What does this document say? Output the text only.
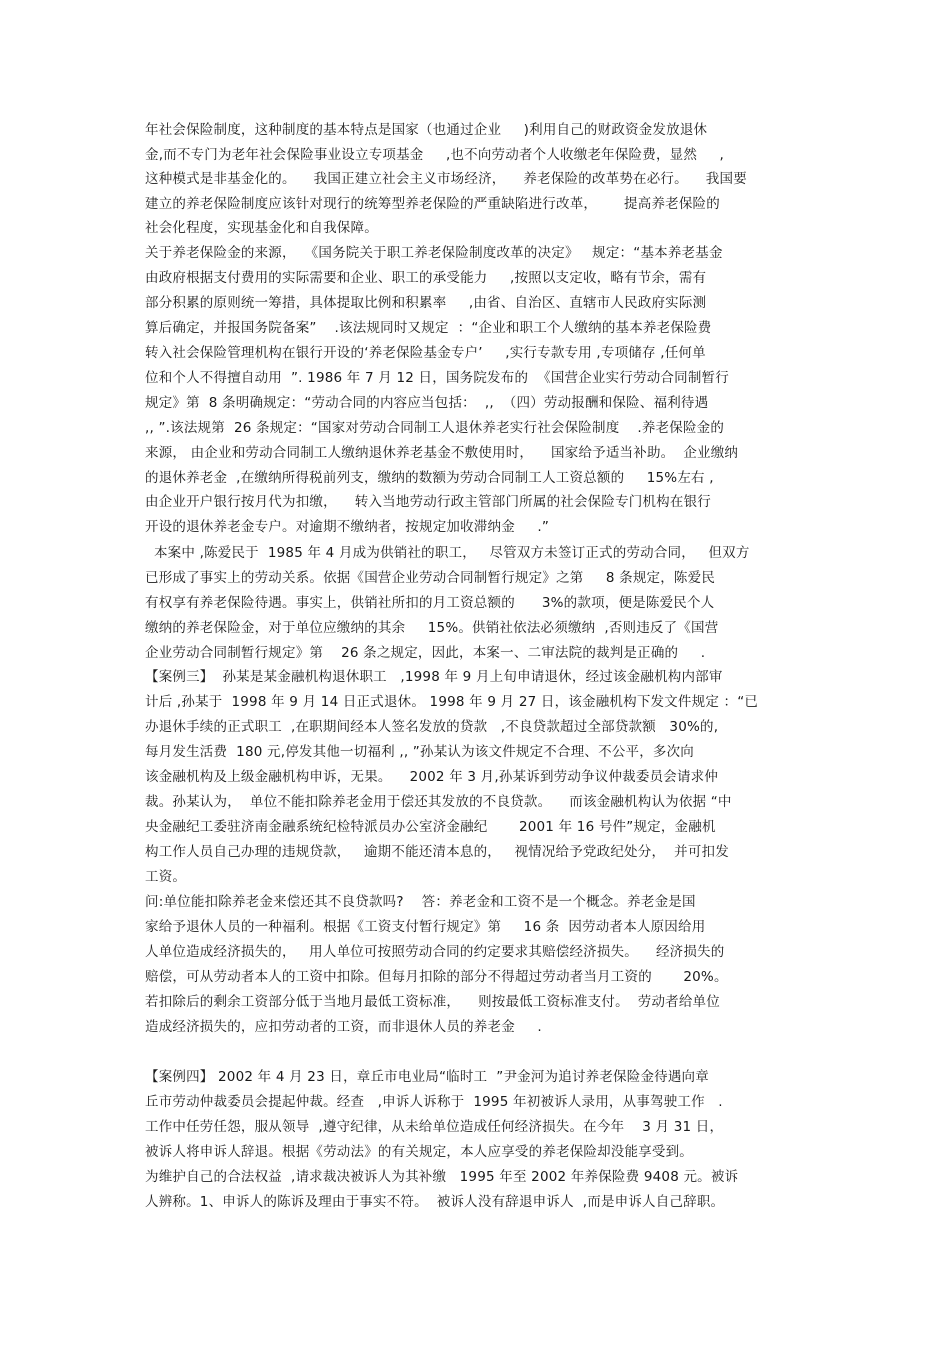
年社会保险制度，这种制度的基本特点是国家（也通过企业     )利用自己的财政资金发放退休
金,而不专门为老年社会保险事业设立专项基金     ,也不向劳动者个人收缴老年保险费，显然     ,
这种模式是非基金化的。    我国正建立社会主义市场经济，    养老保险的改革势在必行。    我国要
建立的养老保险制度应该针对现行的统筹型养老保险的严重缺陷进行改革，      提高养老保险的
社会化程度，实现基金化和自我保障。
关于养老保险金的来源，  《国务院关于职工养老保险制度改革的决定》   规定：“基本养老基金
由政府根据支付费用的实际需要和企业、职工的承受能力     ,按照以支定收，略有节余，需有
部分积累的原则统一筹措，具体提取比例和积累率     ,由省、自治区、直辖市人民政府实际测
算后确定，并报国务院备案”    .该法规同时又规定  ：“企业和职工个人缴纳的基本养老保险费
转入社会保险管理机构在银行开设的‘养老保险基金专户’     ,实行专款专用 ,专项储存 ,任何单
位和个人不得擅自动用  ”. 1986 年 7 月 12 日，国务院发布的  《国营企业实行劳动合同制暂行
规定》第  8 条明确规定：“劳动合同的内容应当包括：  ,,  （四）劳动报酬和保险、福利待遇
,, ”.该法规第  26 条规定：“国家对劳动合同制工人退休养老实行社会保险制度    .养老保险金的
来源， 由企业和劳动合同制工人缴纳退休养老基金不敷使用时，    国家给予适当补助。  企业缴纳
的退休养老金  ,在缴纳所得税前列支，缴纳的数额为劳动合同制工人工资总额的     15%左右 ,
由企业开户银行按月代为扣缴，    转入当地劳动行政主管部门所属的社会保险专门机构在银行
开设的退休养老金专户。对逾期不缴纳者，按规定加收滞纳金     .”
本案中 ,陈爱民于  1985 年 4 月成为供销社的职工，   尽管双方未签订正式的劳动合同，   但双方
已形成了事实上的劳动关系。依据《国营企业劳动合同制暂行规定》之第     8 条规定，陈爱民
有权享有养老保险待遇。事实上，供销社所扣的月工资总额的      3%的款项，便是陈爱民个人
缴纳的养老保险金，对于单位应缴纳的其余     15%。供销社依法必须缴纳  ,否则违反了《国营
企业劳动合同制暂行规定》第    26 条之规定，因此，本案一、二审法院的裁判是正确的     .
【案例三】  孙某是某金融机构退休职工   ,1998 年 9 月上旬申请退休，经过该金融机构内部审
计后 ,孙某于  1998 年 9 月 14 日正式退休。 1998 年 9 月 27 日，该金融机构下发文件规定 ：“已
办退休手续的正式职工  ,在职期间经本人签名发放的贷款   ,不良贷款超过全部贷款额   30%的,
每月发生活费  180 元,停发其他一切福利 ,, ”孙某认为该文件规定不合理、不公平，多次向
该金融机构及上级金融机构申诉，无果。    2002 年 3 月,孙某诉到劳动争议仲裁委员会请求仲
裁。孙某认为，  单位不能扣除养老金用于偿还其发放的不良贷款。    而该金融机构认为依据 “中
央金融纪工委驻济南金融系统纪检特派员办公室济金融纪       2001 年 16 号件”规定，金融机
构工作人员自己办理的违规贷款，   逾期不能还清本息的，   视情况给予党政纪处分，  并可扣发
工资。
问:单位能扣除养老金来偿还其不良贷款吗?    答：养老金和工资不是一个概念。养老金是国
家给予退休人员的一种福利。根据《工资支付暂行规定》第     16 条  因劳动者本人原因给用
人单位造成经济损失的，   用人单位可按照劳动合同的约定要求其赔偿经济损失。    经济损失的
赔偿，可从劳动者本人的工资中扣除。但每月扣除的部分不得超过劳动者当月工资的       20%。
若扣除后的剩余工资部分低于当地月最低工资标准，    则按最低工资标准支付。  劳动者给单位
造成经济损失的，应扣劳动者的工资，而非退休人员的养老金     .
【案例四】 2002 年 4 月 23 日，章丘市电业局“临时工  ”尹金河为追讨养老保险金待遇向章
丘市劳动仲裁委员会提起仲裁。经查   ,申诉人诉称于  1995 年初被诉人录用，从事驾驶工作   .
工作中任劳任怨，服从领导  ,遵守纪律，从未给单位造成任何经济损失。在今年    3 月 31 日，
被诉人将申诉人辞退。根据《劳动法》的有关规定，本人应享受的养老保险却没能享受到。
为维护自己的合法权益  ,请求裁决被诉人为其补缴   1995 年至 2002 年养保险费 9408 元。被诉
人辨称。1、申诉人的陈诉及理由于事实不符。  被诉人没有辞退申诉人  ,而是申诉人自己辞职。
